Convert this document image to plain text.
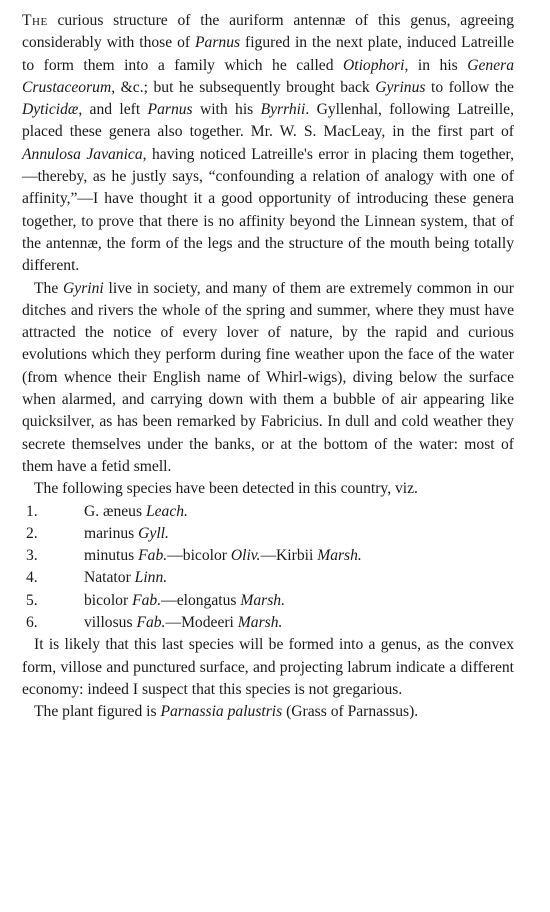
The curious structure of the auriform antennæ of this genus, agreeing considerably with those of Parnus figured in the next plate, induced Latreille to form them into a family which he called Otiophori, in his Genera Crustaceorum, &c.; but he subsequently brought back Gyrinus to follow the Dyticidæ, and left Parnus with his Byrrhii. Gyllenhal, following Latreille, placed these genera also together. Mr. W. S. MacLeay, in the first part of Annulosa Javanica, having noticed Latreille's error in placing them together,—thereby, as he justly says, “confounding a relation of analogy with one of affinity,”—I have thought it a good opportunity of introducing these genera together, to prove that there is no affinity beyond the Linnean system, that of the antennæ, the form of the legs and the structure of the mouth being totally different.

The Gyrini live in society, and many of them are extremely common in our ditches and rivers the whole of the spring and summer, where they must have attracted the notice of every lover of nature, by the rapid and curious evolutions which they perform during fine weather upon the face of the water (from whence their English name of Whirl-wigs), diving below the surface when alarmed, and carrying down with them a bubble of air appearing like quicksilver, as has been remarked by Fabricius. In dull and cold weather they secrete themselves under the banks, or at the bottom of the water: most of them have a fetid smell.

The following species have been detected in this country, viz.

1.	G. æneus Leach.
2.	marinus Gyll.
3.	minutus Fab.—bicolor Oliv.—Kirbii Marsh.
4.	Natator Linn.
5.	bicolor Fab.—elongatus Marsh.
6.	villosus Fab.—Modeeri Marsh.

It is likely that this last species will be formed into a genus, as the convex form, villose and punctured surface, and projecting labrum indicate a different economy: indeed I suspect that this species is not gregarious.

The plant figured is Parnassia palustris (Grass of Parnassus).
